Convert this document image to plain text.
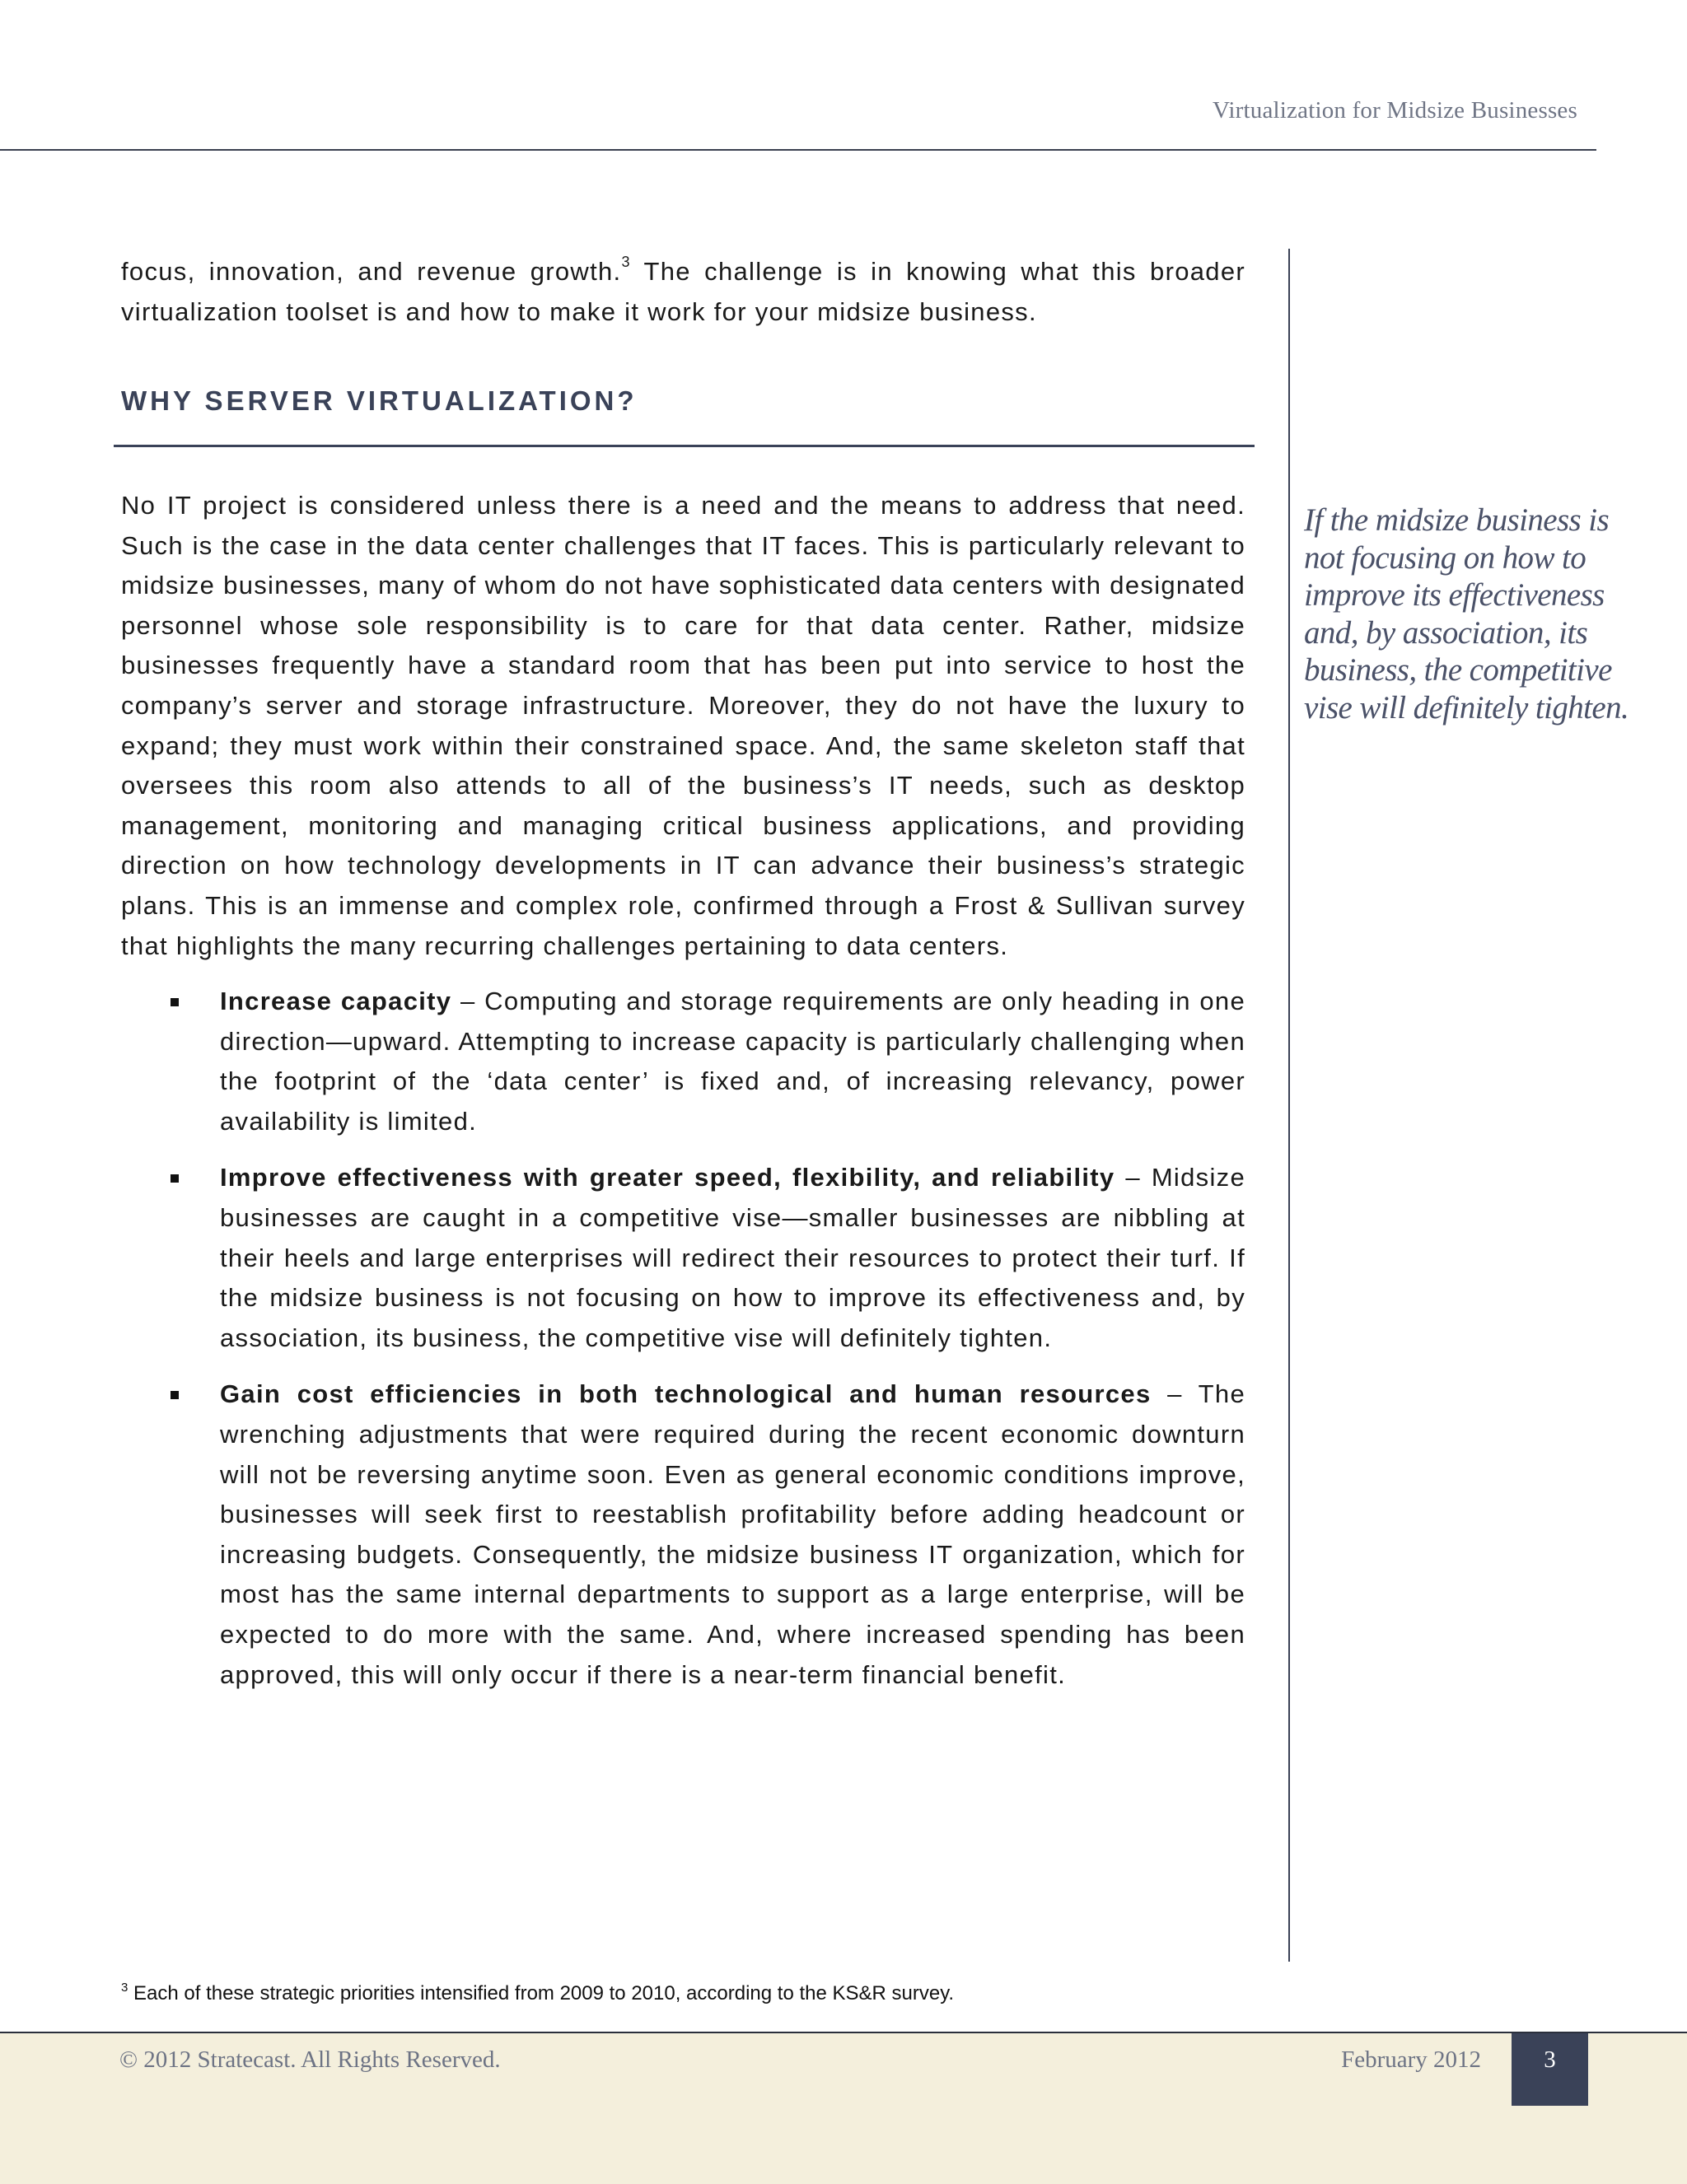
Virtualization for Midsize Businesses

focus, innovation, and revenue growth.$^3$ The challenge is in knowing what this broader virtualization toolset is and how to make it work for your midsize business.

WHY SERVER VIRTUALIZATION?

No IT project is considered unless there is a need and the means to address that need. Such is the case in the data center challenges that IT faces. This is particularly relevant to midsize businesses, many of whom do not have sophisticated data centers with designated personnel whose sole responsibility is to care for that data center. Rather, midsize businesses frequently have a standard room that has been put into service to host the company’s server and storage infrastructure. Moreover, they do not have the luxury to expand; they must work within their constrained space. And, the same skeleton staff that oversees this room also attends to all of the business’s IT needs, such as desktop management, monitoring and managing critical business applications, and providing direction on how technology developments in IT can advance their business’s strategic plans. This is an immense and complex role, confirmed through a Frost & Sullivan survey that highlights the many recurring challenges pertaining to data centers.

Increase capacity – Computing and storage requirements are only heading in one direction—upward. Attempting to increase capacity is particularly challenging when the footprint of the ‘data center’ is fixed and, of increasing relevancy, power availability is limited.
Improve effectiveness with greater speed, flexibility, and reliability – Midsize businesses are caught in a competitive vise—smaller businesses are nibbling at their heels and large enterprises will redirect their resources to protect their turf. If the midsize business is not focusing on how to improve its effectiveness and, by association, its business, the competitive vise will definitely tighten.
Gain cost efficiencies in both technological and human resources – The wrenching adjustments that were required during the recent economic downturn will not be reversing anytime soon. Even as general economic conditions improve, businesses will seek first to reestablish profitability before adding headcount or increasing budgets. Consequently, the midsize business IT organization, which for most has the same internal departments to support as a large enterprise, will be expected to do more with the same. And, where increased spending has been approved, this will only occur if there is a near-term financial benefit.
If the midsize business is not focusing on how to improve its effectiveness and, by association, its business, the competitive vise will definitely tighten.
$^3$ Each of these strategic priorities intensified from 2009 to 2010, according to the KS&R survey.
© 2012 Stratecast. All Rights Reserved.	February 2012	3
